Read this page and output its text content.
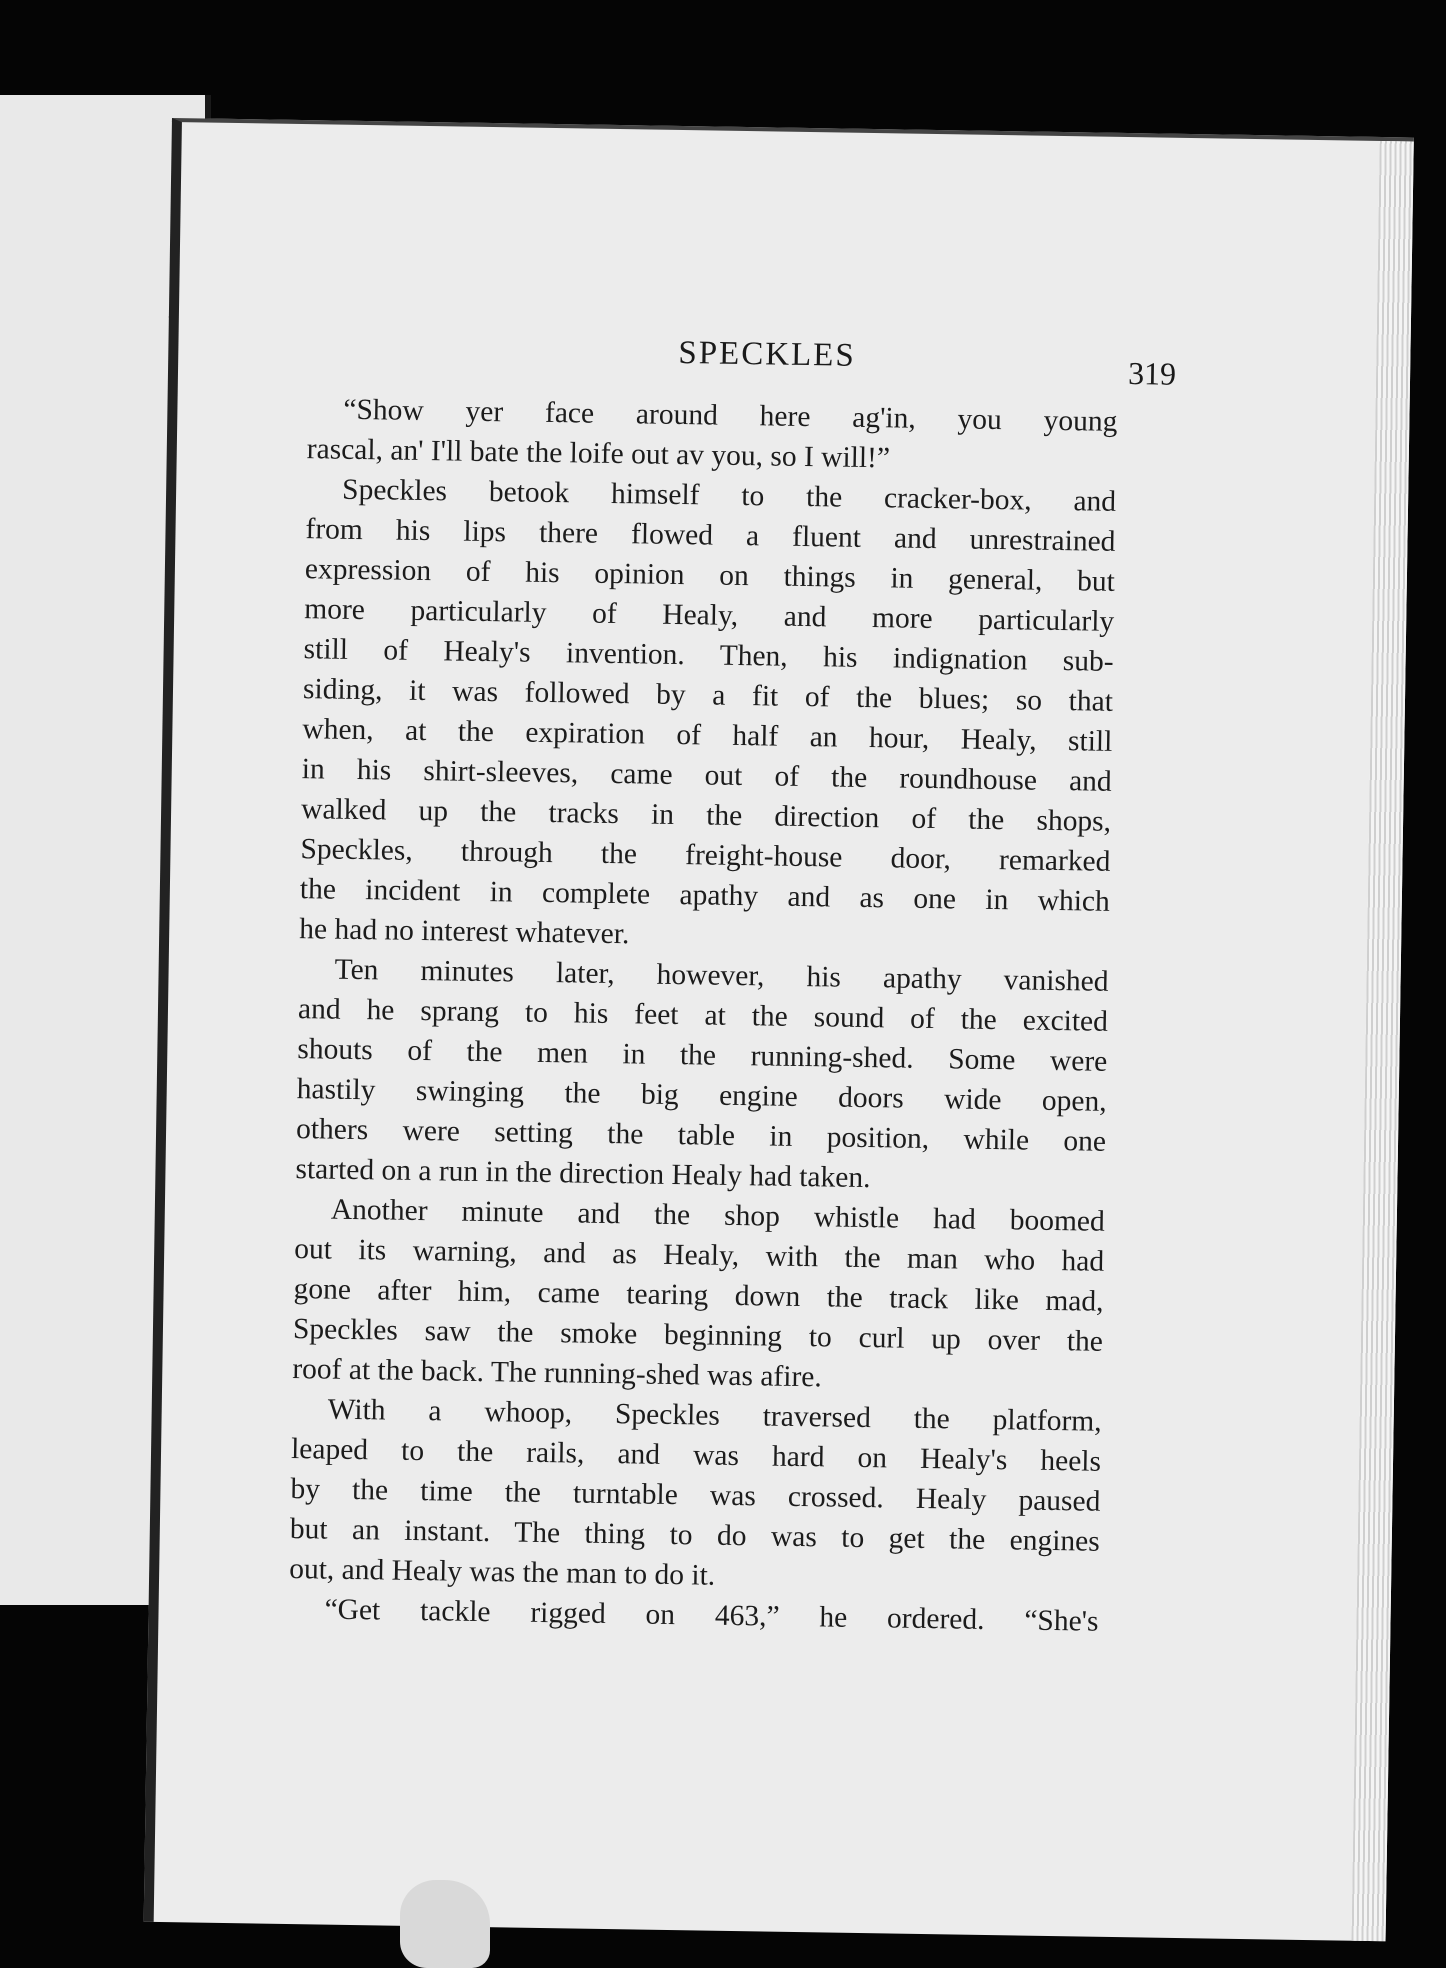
SPECKLES	319
“Show yer face around here ag'in, you young
rascal, an' I'll bate the loife out av you, so I will!”
Speckles betook himself to the cracker-box, and
from his lips there flowed a fluent and unrestrained
expression of his opinion on things in general, but
more particularly of Healy, and more particularly
still of Healy's invention. Then, his indignation sub-
siding, it was followed by a fit of the blues; so that
when, at the expiration of half an hour, Healy, still
in his shirt-sleeves, came out of the roundhouse and
walked up the tracks in the direction of the shops,
Speckles, through the freight-house door, remarked
the incident in complete apathy and as one in which
he had no interest whatever.
Ten minutes later, however, his apathy vanished
and he sprang to his feet at the sound of the excited
shouts of the men in the running-shed. Some were
hastily swinging the big engine doors wide open,
others were setting the table in position, while one
started on a run in the direction Healy had taken.
Another minute and the shop whistle had boomed
out its warning, and as Healy, with the man who had
gone after him, came tearing down the track like mad,
Speckles saw the smoke beginning to curl up over the
roof at the back. The running-shed was afire.
With a whoop, Speckles traversed the platform,
leaped to the rails, and was hard on Healy's heels
by the time the turntable was crossed. Healy paused
but an instant. The thing to do was to get the engines
out, and Healy was the man to do it.
“Get tackle rigged on 463,” he ordered. “She's
